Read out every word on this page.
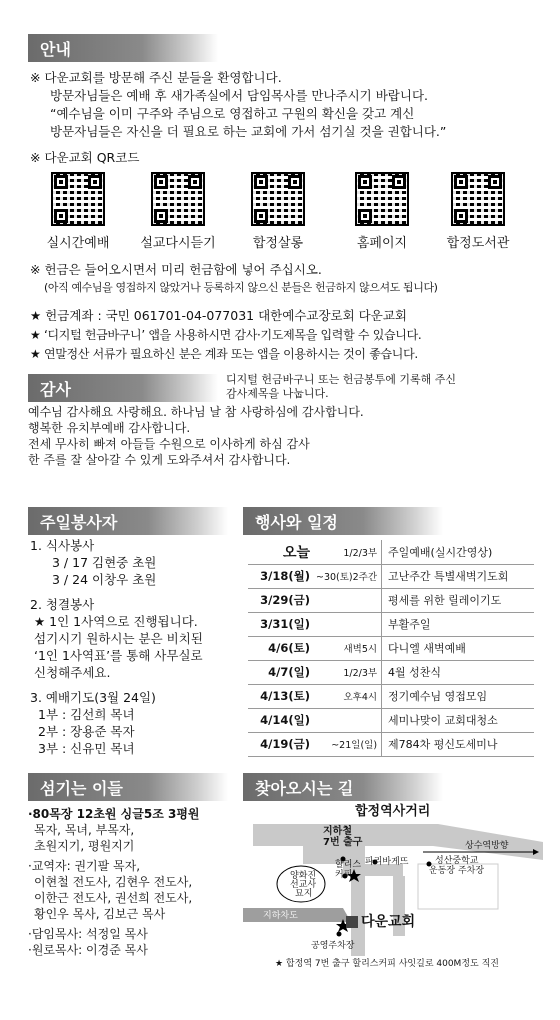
안내
※ 다운교회를 방문해 주신 분들을 환영합니다.
방문자님들은 예배 후 새가족실에서 담임목사를 만나주시기 바랍니다.
“예수님을 이미 구주와 주님으로 영접하고 구원의 확신을 갖고 계신
방문자님들은 자신을 더 필요로 하는 교회에 가서 섬기실 것을 권합니다.”
※ 다운교회 QR코드
실시간예배	설교다시듣기	합정살롱	홈페이지	합정도서관
※ 헌금은 들어오시면서 미리 헌금함에 넣어 주십시오.
(아직 예수님을 영접하지 않았거나 등록하지 않으신 분들은 헌금하지 않으셔도 됩니다)
★ 헌금계좌 : 국민 061701-04-077031 대한예수교장로회 다운교회
★ ‘디지털 헌금바구니’ 앱을 사용하시면 감사·기도제목을 입력할 수 있습니다.
★ 연말정산 서류가 필요하신 분은 계좌 또는 앱을 이용하시는 것이 좋습니다.
감사	디지털 헌금바구니 또는 헌금봉투에 기록해 주신
감사제목을 나눕니다.
예수님 감사해요 사랑해요. 하나님 날 참 사랑하심에 감사합니다.
행복한 유치부예배 감사합니다.
전세 무사히 빠져 아들들 수원으로 이사하게 하심 감사
한 주를 잘 살아갈 수 있게 도와주셔서 감사합니다.
주일봉사자
1. 식사봉사
3 / 17 김현중 초원
3 / 24 이창우 초원
2. 청결봉사
★ 1인 1사역으로 진행됩니다.
섬기시기 원하시는 분은 비치된
‘1인 1사역표’를 통해 사무실로
신청해주세요.
3. 예배기도(3월 24일)
1부 : 김선희 목녀
2부 : 장용준 목자
3부 : 신유민 목녀
행사와 일정
오늘	1/2/3부	주일예배(실시간영상)
3/18(월)	~30(토)2주간	고난주간 특별새벽기도회
3/29(금)		평세를 위한 릴레이기도
3/31(일)		부활주일
4/6(토)	새벽5시	다니엘 새벽예배
4/7(일)	1/2/3부	4월 성찬식
4/13(토)	오후4시	정기예수님 영접모임
4/14(일)		세미나맞이 교회대청소
4/19(금)	~21일(일)	제784차 평신도세미나
섬기는 이들
·80목장 12초원 싱글5조 3평원
목자, 목녀, 부목자,
초원지기, 평원지기
·교역자: 권기팔 목자,
이현철 전도사, 김현우 전도사,
이한근 전도사, 권선희 전도사,
황인우 목사, 김보근 목사
·담임목사: 석정일 목사
·원로목사: 이경준 목사
찾아오시는 길
합정역사거리
지하철
7번 출구	상수역방향
파리바게뜨
할리스
커피
성산중학교
운동장 주차장
양화진
선교사
묘지
지하차도	다운교회
공영주차장
★ 합정역 7번 출구 할리스커피 사잇길로 400M정도 직진
